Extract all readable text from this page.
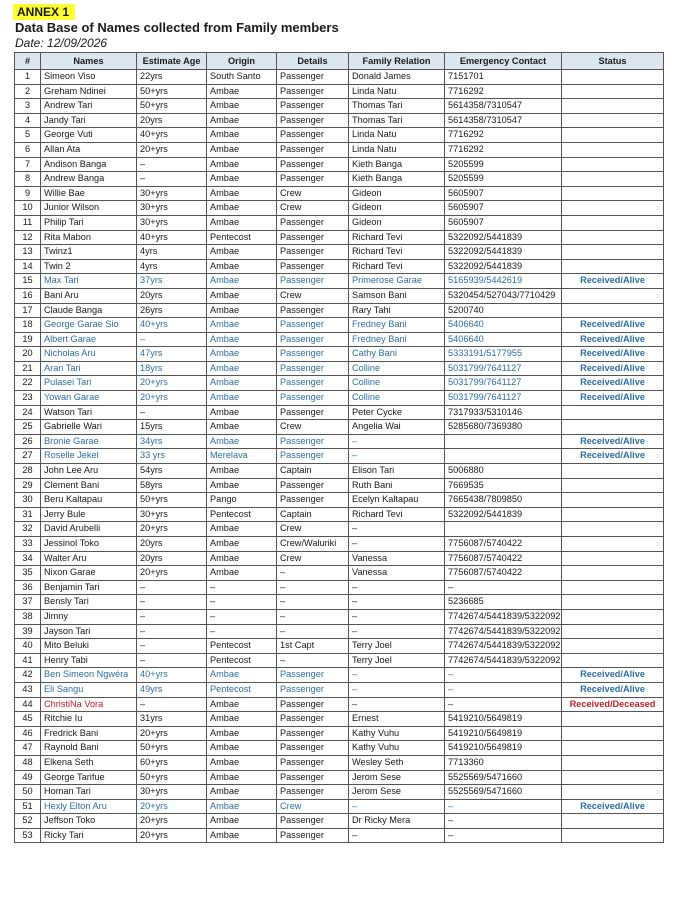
ANNEX 1
Data Base of Names collected from Family members
Date: 12/09/2026
#	Names	Estimate Age	Origin	Details	Family Relation	Emergency Contact	Status
1	Simeon Viso	22yrs	South Santo	Passenger	Donald James	7151701	
2	Greham Ndinei	50+yrs	Ambae	Passenger	Linda Natu	7716292	
3	Andrew Tari	50+yrs	Ambae	Passenger	Thomas Tari	5614358/7310547	
4	Jandy Tari	20yrs	Ambae	Passenger	Thomas Tari	5614358/7310547	
5	George Vuti	40+yrs	Ambae	Passenger	Linda Natu	7716292	
6	Allan Ata	20+yrs	Ambae	Passenger	Linda Natu	7716292	
7	Andison Banga	–	Ambae	Passenger	Kieth Banga	5205599	
8	Andrew Banga	–	Ambae	Passenger	Kieth Banga	5205599	
9	Willie Bae	30+yrs	Ambae	Crew	Gideon	5605907	
10	Junior Wilson	30+yrs	Ambae	Crew	Gideon	5605907	
11	Philip Tari	30+yrs	Ambae	Passenger	Gideon	5605907	
12	Rita Mabon	40+yrs	Pentecost	Passenger	Richard Tevi	5322092/5441839	
13	Twinz1	4yrs	Ambae	Passenger	Richard Tevi	5322092/5441839	
14	Twin 2	4yrs	Ambae	Passenger	Richard Tevi	5322092/5441839	
15	Max Tari	37yrs	Ambae	Passenger	Primerose Garae	5165939/5442619	Received/Alive
16	Bani Aru	20yrs	Ambae	Crew	Samson Bani	5320454/527043/7710429	
17	Claude Banga	26yrs	Ambae	Passenger	Rary Tahi	5200740	
18	George Garae Sio	40+yrs	Ambae	Passenger	Fredney Bani	5406640	Received/Alive
19	Albert Garae	–	Ambae	Passenger	Fredney Bani	5406640	Received/Alive
20	Nicholas Aru	47yrs	Ambae	Passenger	Cathy Bani	5333191/5177955	Received/Alive
21	Aran Tari	18yrs	Ambae	Passenger	Colline	5031799/7641127	Received/Alive
22	Pulasei Tari	20+yrs	Ambae	Passenger	Colline	5031799/7641127	Received/Alive
23	Yowan Garae	20+yrs	Ambae	Passenger	Colline	5031799/7641127	Received/Alive
24	Watson Tari	–	Ambae	Passenger	Peter Cycke	7317933/5310146	
25	Gabrielle Wari	15yrs	Ambae	Crew	Angelia Wai	5285680/7369380	
26	Bronie Garae	34yrs	Ambae	Passenger	–		Received/Alive
27	Roselle Jekel	33 yrs	Merelava	Passenger	–		Received/Alive
28	John Lee Aru	54yrs	Ambae	Captain	Elison Tari	5006880	
29	Clement Bani	58yrs	Ambae	Passenger	Ruth Bani	7669535	
30	Beru Kaltapau	50+yrs	Pango	Passenger	Ecelyn Kaltapau	7665438/7809850	
31	Jerry Bule	30+yrs	Pentecost	Captain	Richard Tevi	5322092/5441839	
32	David Arubelli	20+yrs	Ambae	Crew	–		
33	Jessinol Toko	20yrs	Ambae	Crew/Waluriki	–	7756087/5740422	
34	Walter Aru	20yrs	Ambae	Crew	Vanessa	7756087/5740422	
35	Nixon Garae	20+yrs	Ambae	–	Vanessa	7756087/5740422	
36	Benjamin Tari	–	–	–	–	–	
37	Bensly Tari	–	–	–	–	5236685	
38	Jimny	–	–	–	–	7742674/5441839/5322092	
39	Jayson Tari	–	–	–	–	7742674/5441839/5322092	
40	Mito Beluki	–	Pentecost	1st Capt	Terry Joel	7742674/5441839/5322092	
41	Henry Tabi	–	Pentecost	–	Terry Joel	7742674/5441839/5322092	
42	Ben Simeon Ngwéra	40+yrs	Ambae	Passenger	–	–	Received/Alive
43	Eli Sangu	49yrs	Pentecost	Passenger	–	–	Received/Alive
44	ChristiNa Vora	–	Ambae	Passenger	–	–	Received/Deceased
45	Ritchie Iu	31yrs	Ambae	Passenger	Ernest	5419210/5649819	
46	Fredrick Bani	20+yrs	Ambae	Passenger	Kathy Vuhu	5419210/5649819	
47	Raynold Bani	50+yrs	Ambae	Passenger	Kathy Vuhu	5419210/5649819	
48	Elkena Seth	60+yrs	Ambae	Passenger	Wesley Seth	7713360	
49	George Tarifue	50+yrs	Ambae	Passenger	Jerom Sese	5525569/5471660	
50	Homan Tari	30+yrs	Ambae	Passenger	Jerom Sese	5525569/5471660	
51	Hexly Elton Aru	20+yrs	Ambae	Crew	–	–	Received/Alive
52	Jeffson Toko	20+yrs	Ambae	Passenger	Dr Ricky Mera	–	
53	Ricky Tari	20+yrs	Ambae	Passenger	–	–	
